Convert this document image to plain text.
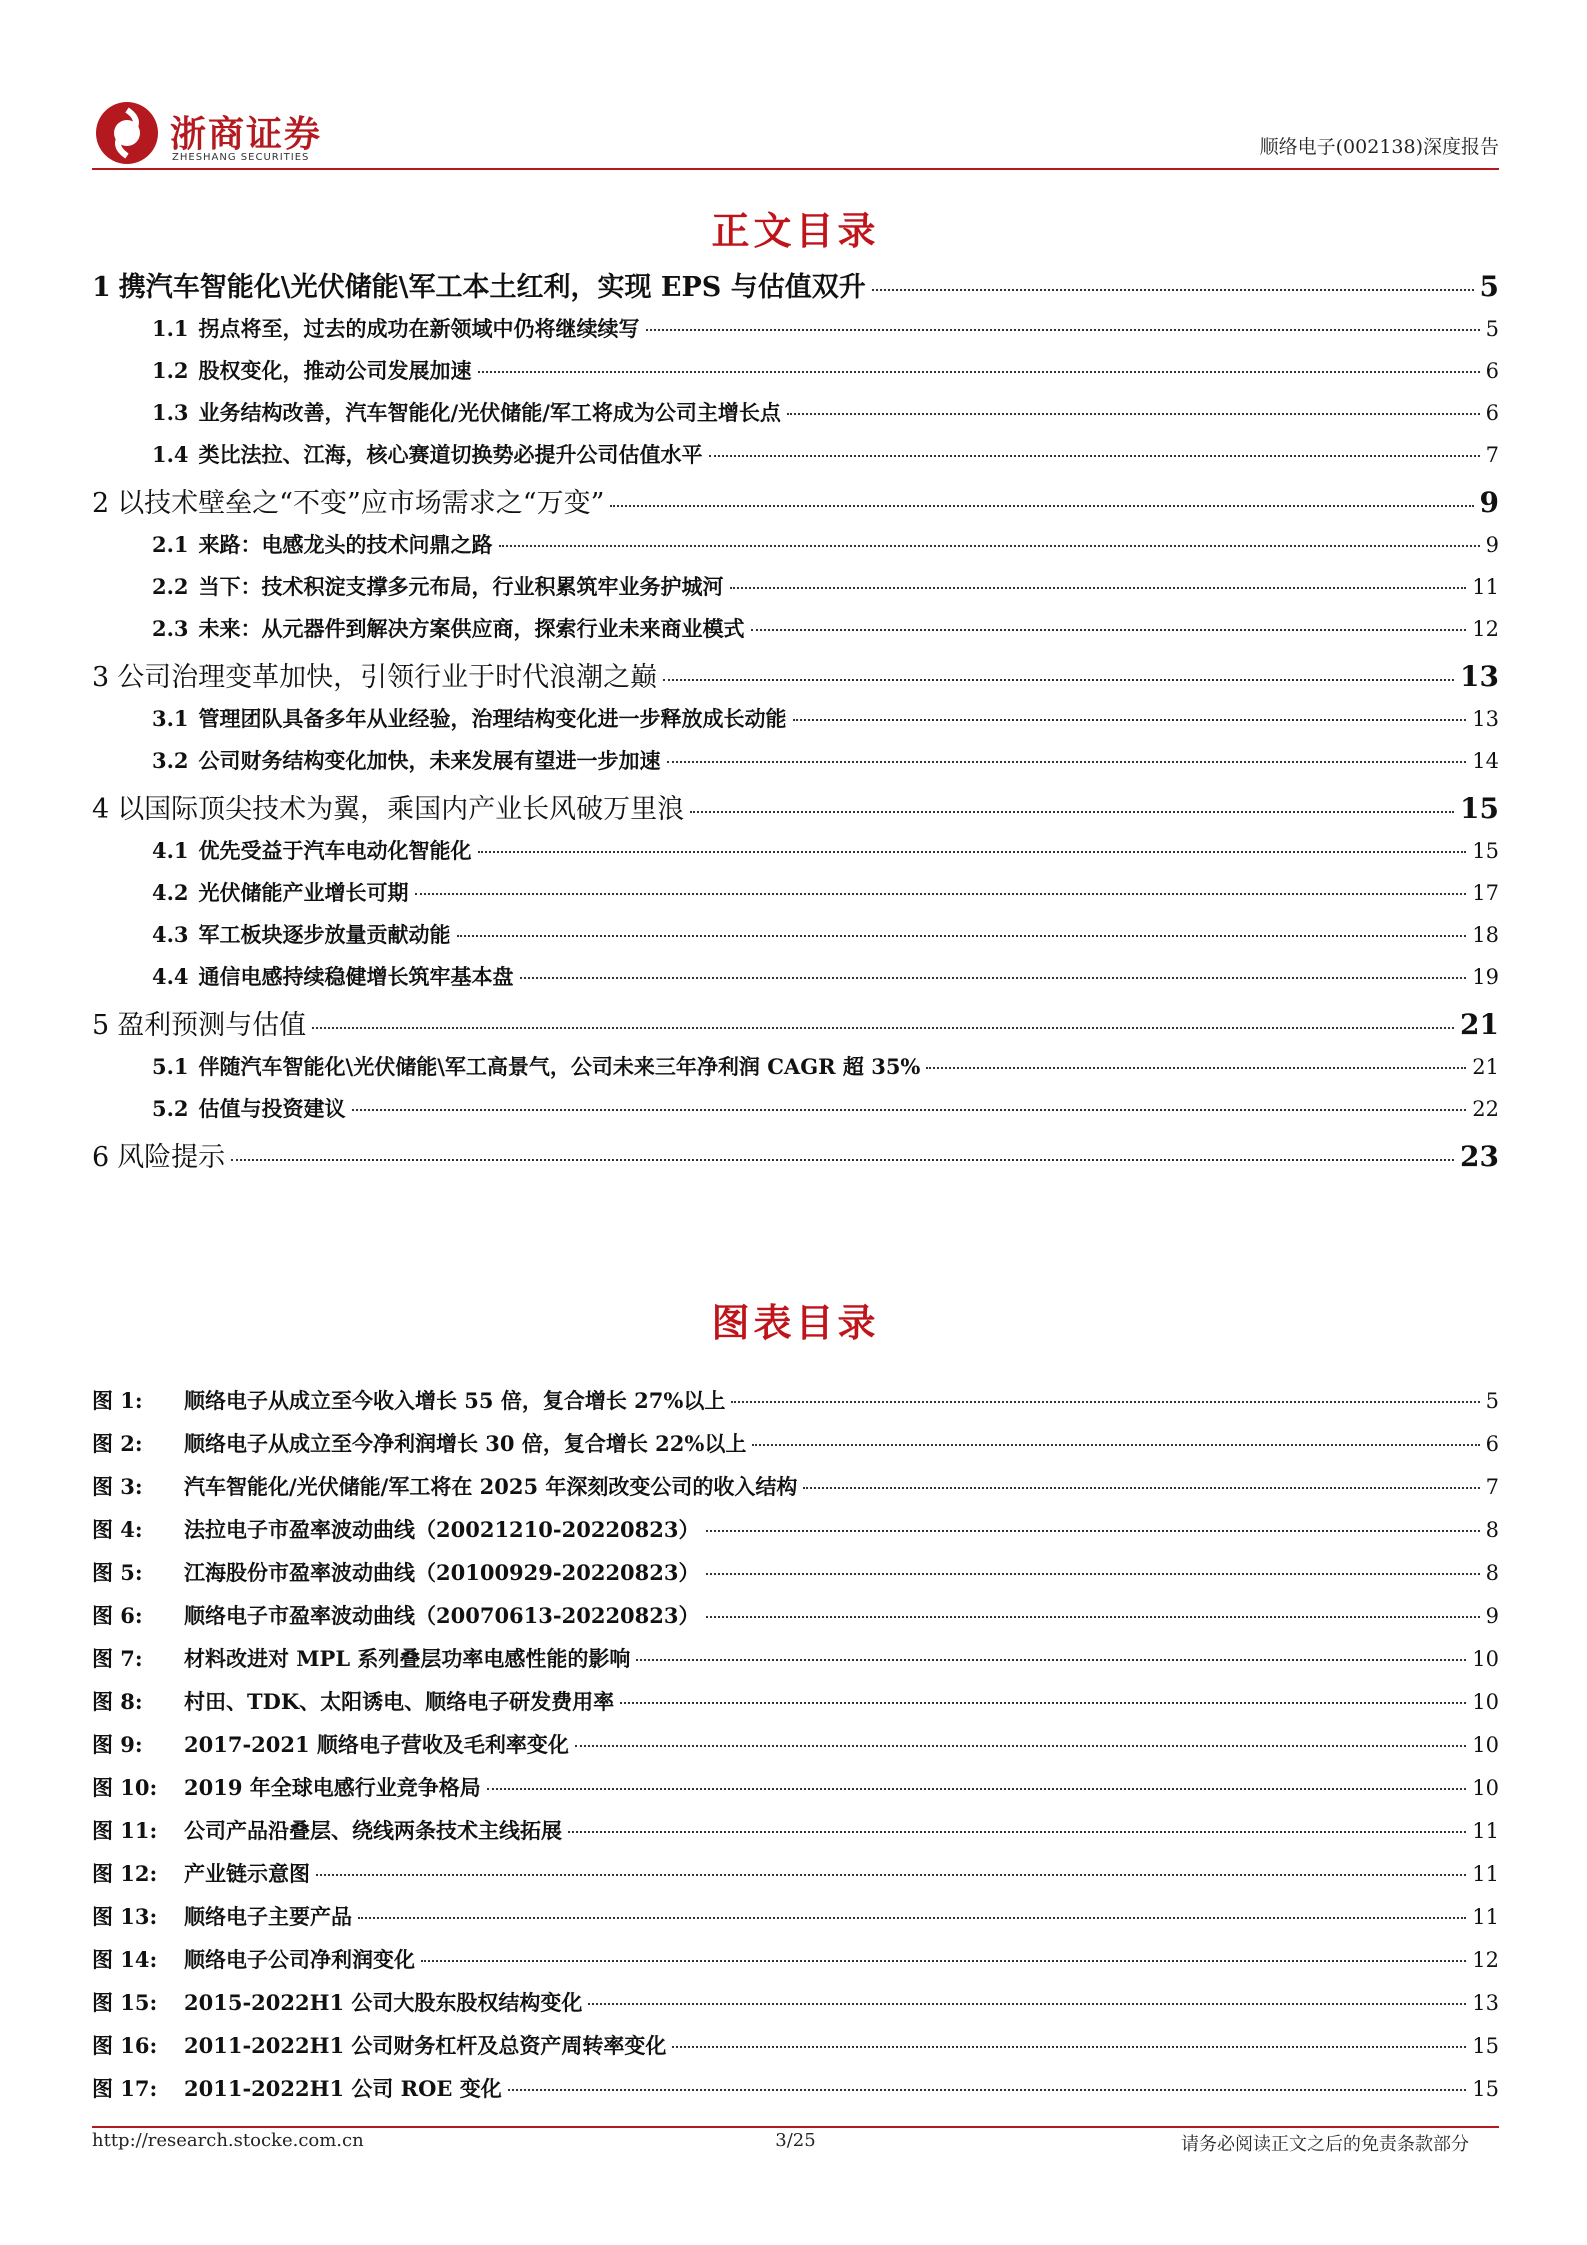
浙商证券
ZHESHANG SECURITIES	顺络电子(002138)深度报告
正文目录
1 携汽车智能化\光伏储能\军工本土红利，实现 EPS 与估值双升	5
1.1 拐点将至，过去的成功在新领域中仍将继续续写	5
1.2 股权变化，推动公司发展加速	6
1.3 业务结构改善，汽车智能化/光伏储能/军工将成为公司主增长点	6
1.4 类比法拉、江海，核心赛道切换势必提升公司估值水平	7
2 以技术壁垒之“不变”应市场需求之“万变”	9
2.1 来路：电感龙头的技术问鼎之路	9
2.2 当下：技术积淀支撑多元布局，行业积累筑牢业务护城河	11
2.3 未来：从元器件到解决方案供应商，探索行业未来商业模式	12
3 公司治理变革加快，引领行业于时代浪潮之巅	13
3.1 管理团队具备多年从业经验，治理结构变化进一步释放成长动能	13
3.2 公司财务结构变化加快，未来发展有望进一步加速	14
4 以国际顶尖技术为翼，乘国内产业长风破万里浪	15
4.1 优先受益于汽车电动化智能化	15
4.2 光伏储能产业增长可期	17
4.3 军工板块逐步放量贡献动能	18
4.4 通信电感持续稳健增长筑牢基本盘	19
5 盈利预测与估值	21
5.1 伴随汽车智能化\光伏储能\军工高景气，公司未来三年净利润 CAGR 超 35%	21
5.2 估值与投资建议	22
6 风险提示	23
图表目录
图 1:	顺络电子从成立至今收入增长 55 倍，复合增长 27%以上	5
图 2:	顺络电子从成立至今净利润增长 30 倍，复合增长 22%以上	6
图 3:	汽车智能化/光伏储能/军工将在 2025 年深刻改变公司的收入结构	7
图 4:	法拉电子市盈率波动曲线（20021210-20220823）	8
图 5:	江海股份市盈率波动曲线（20100929-20220823）	8
图 6:	顺络电子市盈率波动曲线（20070613-20220823）	9
图 7:	材料改进对 MPL 系列叠层功率电感性能的影响	10
图 8:	村田、TDK、太阳诱电、顺络电子研发费用率	10
图 9:	2017-2021 顺络电子营收及毛利率变化	10
图 10:	2019 年全球电感行业竞争格局	10
图 11:	公司产品沿叠层、绕线两条技术主线拓展	11
图 12:	产业链示意图	11
图 13:	顺络电子主要产品	11
图 14:	顺络电子公司净利润变化	12
图 15:	2015-2022H1 公司大股东股权结构变化	13
图 16:	2011-2022H1 公司财务杠杆及总资产周转率变化	15
图 17:	2011-2022H1 公司 ROE 变化	15
http://research.stocke.com.cn	3/25	请务必阅读正文之后的免责条款部分
